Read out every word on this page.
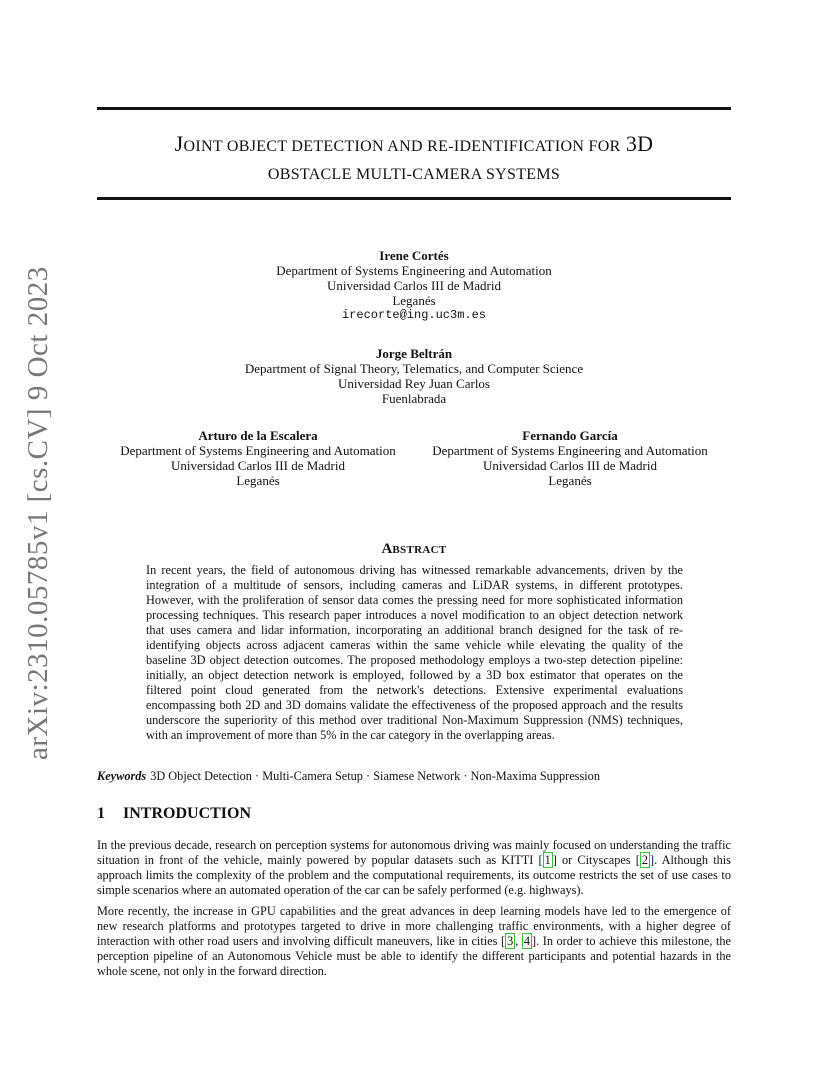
JOINT OBJECT DETECTION AND RE-IDENTIFICATION FOR 3D
OBSTACLE MULTI-CAMERA SYSTEMS
arXiv:2310.05785v1 [cs.CV] 9 Oct 2023
Irene Cortés
Department of Systems Engineering and Automation
Universidad Carlos III de Madrid
Leganés
irecorte@ing.uc3m.es
Jorge Beltrán
Department of Signal Theory, Telematics, and Computer Science
Universidad Rey Juan Carlos
Fuenlabrada
Arturo de la Escalera
Department of Systems Engineering and Automation
Universidad Carlos III de Madrid
Leganés
Fernando García
Department of Systems Engineering and Automation
Universidad Carlos III de Madrid
Leganés
ABSTRACT
In recent years, the field of autonomous driving has witnessed remarkable advancements, driven by the integration of a multitude of sensors, including cameras and LiDAR systems, in different prototypes. However, with the proliferation of sensor data comes the pressing need for more sophisticated information processing techniques. This research paper introduces a novel modification to an object detection network that uses camera and lidar information, incorporating an additional branch designed for the task of re-identifying objects across adjacent cameras within the same vehicle while elevating the quality of the baseline 3D object detection outcomes. The proposed methodology employs a two-step detection pipeline: initially, an object detection network is employed, followed by a 3D box estimator that operates on the filtered point cloud generated from the network's detections. Extensive experimental evaluations encompassing both 2D and 3D domains validate the effectiveness of the proposed approach and the results underscore the superiority of this method over traditional Non-Maximum Suppression (NMS) techniques, with an improvement of more than 5% in the car category in the overlapping areas.
Keywords 3D Object Detection · Multi-Camera Setup · Siamese Network · Non-Maxima Suppression
1 INTRODUCTION
In the previous decade, research on perception systems for autonomous driving was mainly focused on understanding the traffic situation in front of the vehicle, mainly powered by popular datasets such as KITTI [ 1 ] or Cityscapes [ 2 ]. Although this approach limits the complexity of the problem and the computational requirements, its outcome restricts the set of use cases to simple scenarios where an automated operation of the car can be safely performed (e.g. highways).
More recently, the increase in GPU capabilities and the great advances in deep learning models have led to the emergence of new research platforms and prototypes targeted to drive in more challenging traffic environments, with a higher degree of interaction with other road users and involving difficult maneuvers, like in cities [ 3 , 4 ]. In order to achieve this milestone, the perception pipeline of an Autonomous Vehicle must be able to identify the different participants and potential hazards in the whole scene, not only in the forward direction.
